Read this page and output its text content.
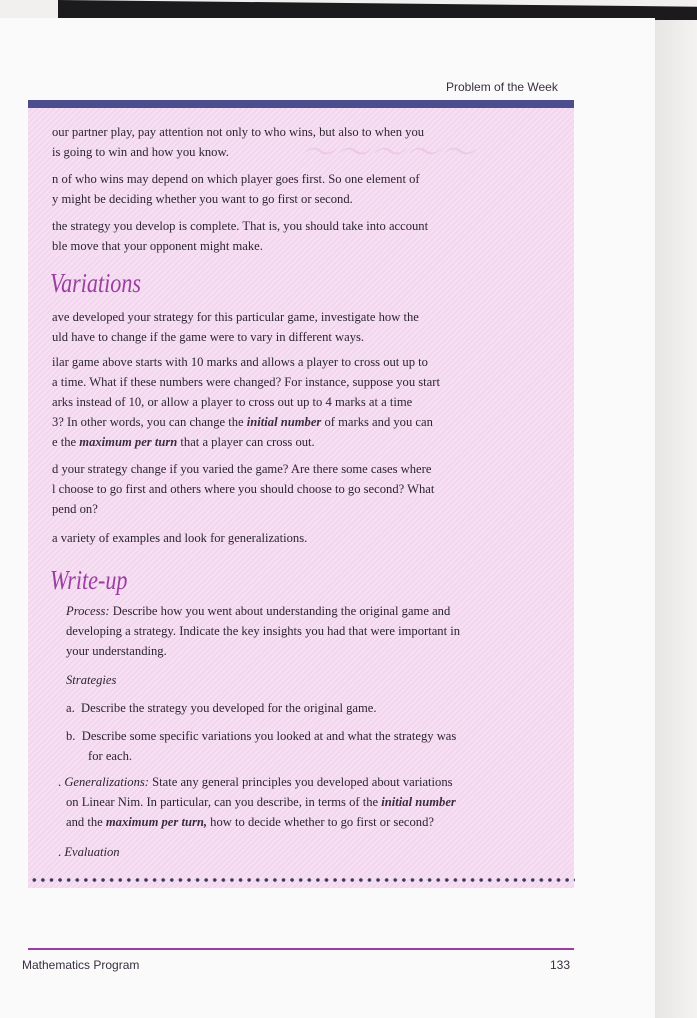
Problem of the Week
〜〜〜〜〜

our partner play, pay attention not only to who wins, but also to when you
is going to win and how you know.

n of who wins may depend on which player goes first. So one element of
y might be deciding whether you want to go first or second.

the strategy you develop is complete. That is, you should take into account
ble move that your opponent might make.

Variations

ave developed your strategy for this particular game, investigate how the
uld have to change if the game were to vary in different ways.

ilar game above starts with 10 marks and allows a player to cross out up to
a time. What if these numbers were changed? For instance, suppose you start
arks instead of 10, or allow a player to cross out up to 4 marks at a time
3? In other words, you can change the initial number of marks and you can
e the maximum per turn that a player can cross out.

d your strategy change if you varied the game? Are there some cases where
l choose to go first and others where you should choose to go second? What
pend on?

a variety of examples and look for generalizations.

Write-up

Process: Describe how you went about understanding the original game and
developing a strategy. Indicate the key insights you had that were important in
your understanding.

Strategies

a. Describe the strategy you developed for the original game.

b. Describe some specific variations you looked at and what the strategy was
for each.

. Generalizations: State any general principles you developed about variations
on Linear Nim. In particular, can you describe, in terms of the initial number
and the maximum per turn, how to decide whether to go first or second?

. Evaluation

Mathematics Program	133
